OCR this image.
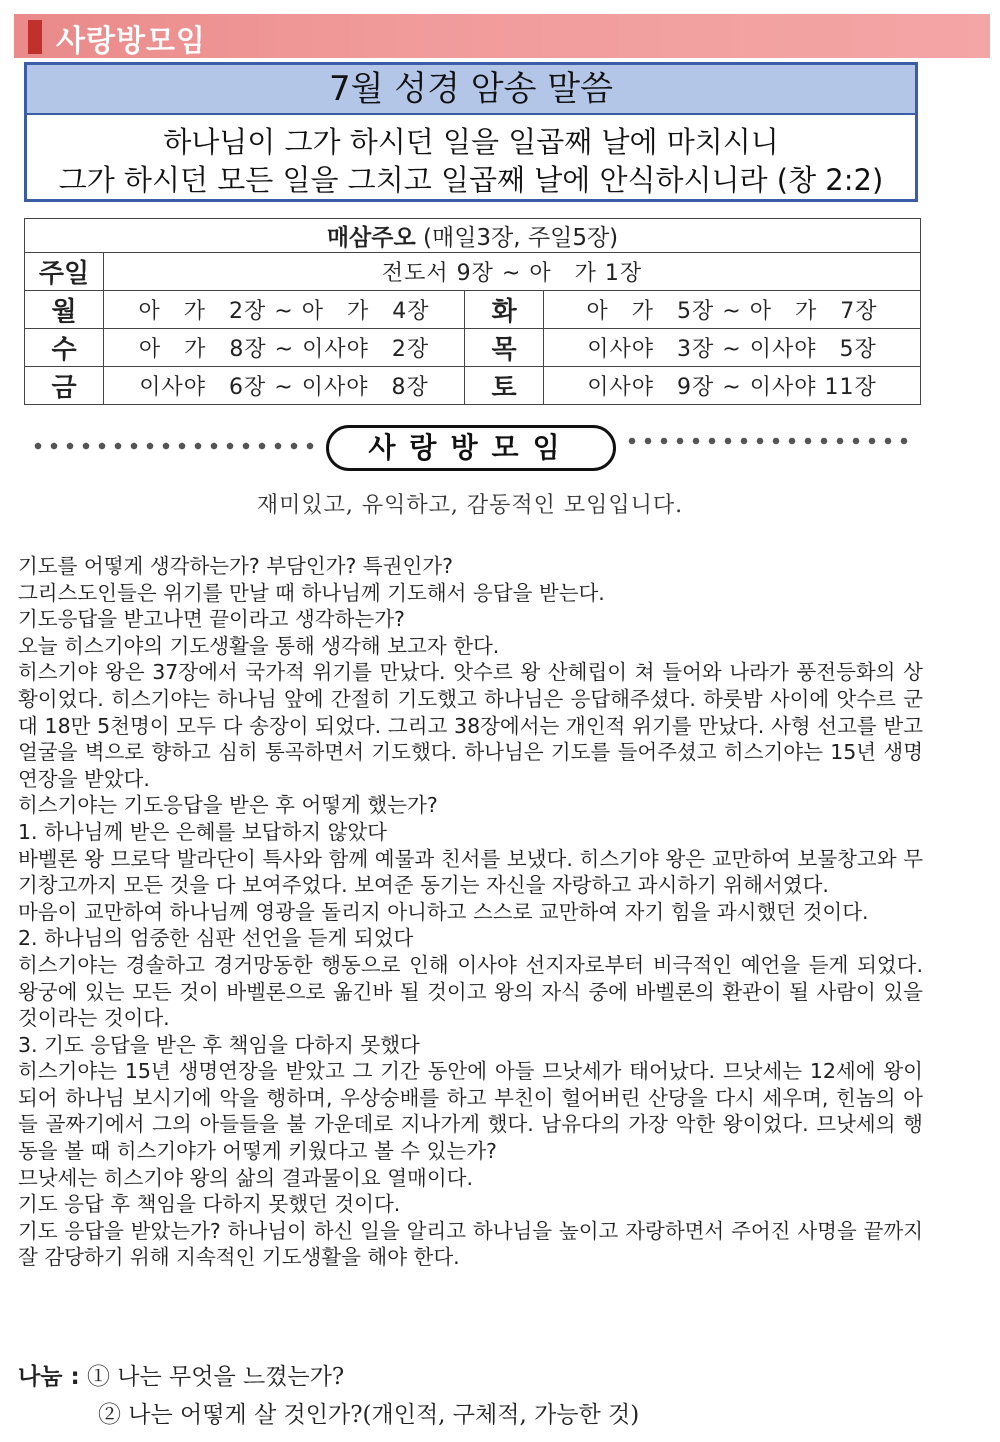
사랑방모임
7월 성경 암송 말씀
하나님이 그가 하시던 일을 일곱째 날에 마치시니
그가 하시던 모든 일을 그치고 일곱째 날에 안식하시니라 (창 2:2)
매삼주오 (매일3장, 주일5장)			
주일	전도서 9장 ~ 아　가 1장		
월	아　가　2장 ~ 아　가　4장	화	아　가　5장 ~ 아　가　7장
수	아　가　8장 ~ 이사야　2장	목	이사야　3장 ~ 이사야　5장
금	이사야　6장 ~ 이사야　8장	토	이사야　9장 ~ 이사야 11장
사랑방모임
재미있고, 유익하고, 감동적인 모임입니다.

기도를 어떻게 생각하는가? 부담인가? 특권인가?

그리스도인들은 위기를 만날 때 하나님께 기도해서 응답을 받는다.

기도응답을 받고나면 끝이라고 생각하는가?

오늘 히스기야의 기도생활을 통해 생각해 보고자 한다.

히스기야 왕은 37장에서 국가적 위기를 만났다. 앗수르 왕 산헤립이 쳐 들어와 나라가 풍전등화의 상황이었다. 히스기야는 하나님 앞에 간절히 기도했고 하나님은 응답해주셨다. 하룻밤 사이에 앗수르 군대 18만 5천명이 모두 다 송장이 되었다. 그리고 38장에서는 개인적 위기를 만났다. 사형 선고를 받고 얼굴을 벽으로 향하고 심히 통곡하면서 기도했다. 하나님은 기도를 들어주셨고 히스기야는 15년 생명 연장을 받았다.

히스기야는 기도응답을 받은 후 어떻게 했는가?

1. 하나님께 받은 은혜를 보답하지 않았다

바벨론 왕 므로닥 발라단이 특사와 함께 예물과 친서를 보냈다. 히스기야 왕은 교만하여 보물창고와 무기창고까지 모든 것을 다 보여주었다. 보여준 동기는 자신을 자랑하고 과시하기 위해서였다.

마음이 교만하여 하나님께 영광을 돌리지 아니하고 스스로 교만하여 자기 힘을 과시했던 것이다.

2. 하나님의 엄중한 심판 선언을 듣게 되었다

히스기야는 경솔하고 경거망동한 행동으로 인해 이사야 선지자로부터 비극적인 예언을 듣게 되었다. 왕궁에 있는 모든 것이 바벨론으로 옮긴바 될 것이고 왕의 자식 중에 바벨론의 환관이 될 사람이 있을 것이라는 것이다.

3. 기도 응답을 받은 후 책임을 다하지 못했다

히스기야는 15년 생명연장을 받았고 그 기간 동안에 아들 므낫세가 태어났다. 므낫세는 12세에 왕이 되어 하나님 보시기에 악을 행하며, 우상숭배를 하고 부친이 헐어버린 산당을 다시 세우며, 힌놈의 아들 골짜기에서 그의 아들들을 불 가운데로 지나가게 했다. 남유다의 가장 악한 왕이었다. 므낫세의 행동을 볼 때 히스기야가 어떻게 키웠다고 볼 수 있는가?

므낫세는 히스기야 왕의 삶의 결과물이요 열매이다.

기도 응답 후 책임을 다하지 못했던 것이다.

기도 응답을 받았는가? 하나님이 하신 일을 알리고 하나님을 높이고 자랑하면서 주어진 사명을 끝까지 잘 감당하기 위해 지속적인 기도생활을 해야 한다.

나눔 : ① 나는 무엇을 느꼈는가?
② 나는 어떻게 살 것인가?(개인적, 구체적, 가능한 것)
